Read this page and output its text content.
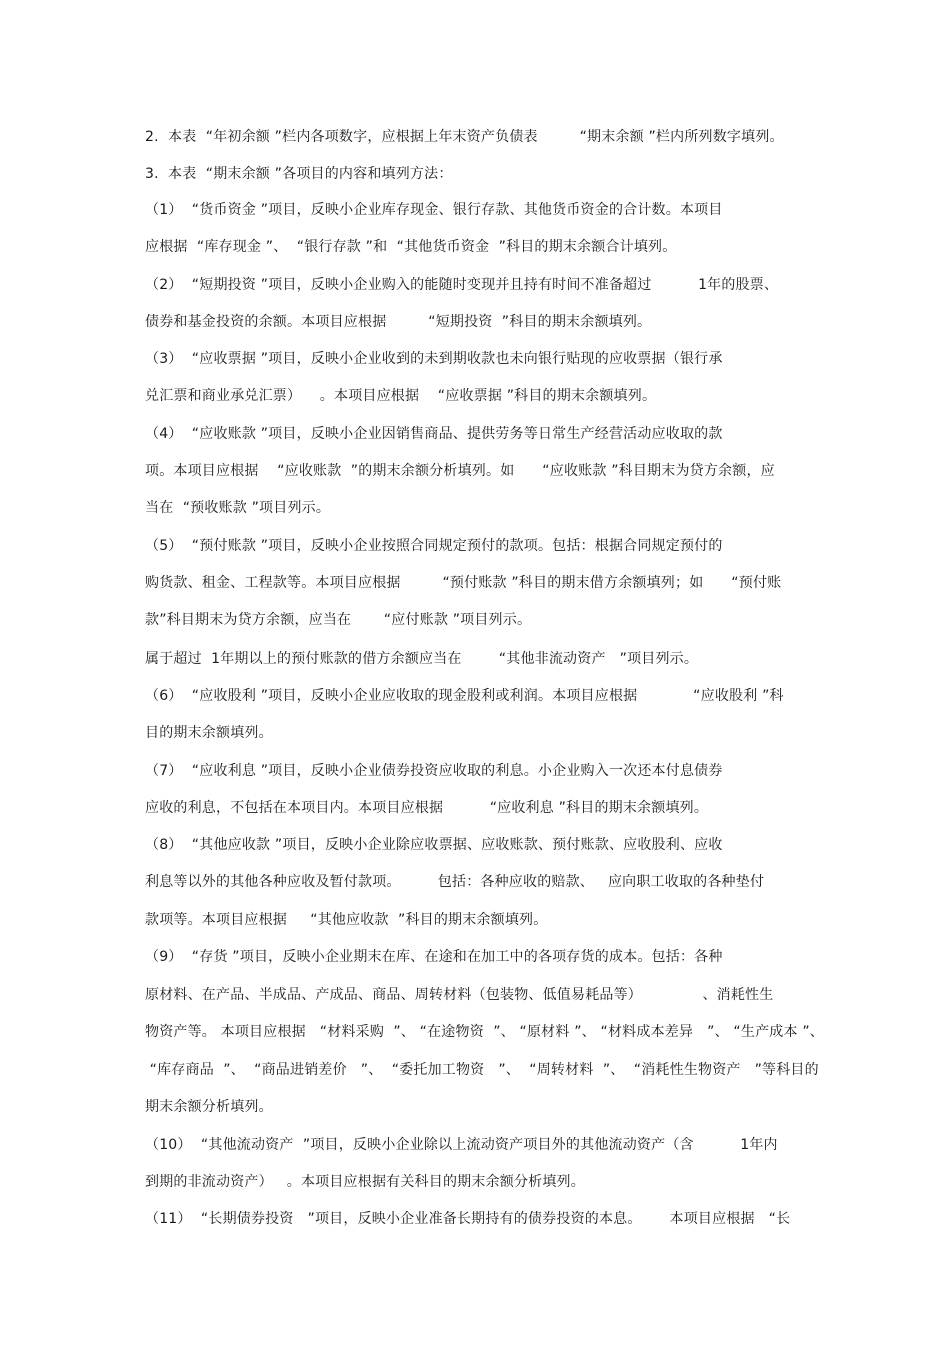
2.  本表  “年初余额 ”栏内各项数字，应根据上年末资产负债表         “期末余额 ”栏内所列数字填列。
3.  本表  “期末余额 ”各项目的内容和填列方法：
（1）  “货币资金 ”项目，反映小企业库存现金、银行存款、其他货币资金的合计数。本项目
应根据  “库存现金 ”、  “银行存款 ”和  “其他货币资金  ”科目的期末余额合计填列。
（2）  “短期投资 ”项目，反映小企业购入的能随时变现并且持有时间不准备超过          1年的股票、
债券和基金投资的余额。本项目应根据         “短期投资  ”科目的期末余额填列。
（3）  “应收票据 ”项目，反映小企业收到的未到期收款也未向银行贴现的应收票据（银行承
兑汇票和商业承兑汇票）    。本项目应根据    “应收票据 ”科目的期末余额填列。
（4）  “应收账款 ”项目，反映小企业因销售商品、提供劳务等日常生产经营活动应收取的款
项。本项目应根据    “应收账款  ”的期末余额分析填列。如      “应收账款 ”科目期末为贷方余额，应
当在  “预收账款 ”项目列示。
（5）  “预付账款 ”项目，反映小企业按照合同规定预付的款项。包括：根据合同规定预付的
购货款、租金、工程款等。本项目应根据         “预付账款 ”科目的期末借方余额填列；如      “预付账
款”科目期末为贷方余额，应当在       “应付账款 ”项目列示。
属于超过  1年期以上的预付账款的借方余额应当在        “其他非流动资产   ”项目列示。
（6）  “应收股利 ”项目，反映小企业应收取的现金股利或利润。本项目应根据            “应收股利 ”科
目的期末余额填列。
（7）  “应收利息 ”项目，反映小企业债券投资应收取的利息。小企业购入一次还本付息债券
应收的利息，不包括在本项目内。本项目应根据          “应收利息 ”科目的期末余额填列。
（8）  “其他应收款 ”项目，反映小企业除应收票据、应收账款、预付账款、应收股利、应收
利息等以外的其他各种应收及暂付款项。        包括：各种应收的赔款、   应向职工收取的各种垫付
款项等。本项目应根据     “其他应收款  ”科目的期末余额填列。
（9）  “存货 ”项目，反映小企业期末在库、在途和在加工中的各项存货的成本。包括：各种
原材料、在产品、半成品、产成品、商品、周转材料（包装物、低值易耗品等）             、消耗性生
物资产等。 本项目应根据   “材料采购  ”、 “在途物资  ”、 “原材料 ”、 “材料成本差异   ”、 “生产成本 ”、
“库存商品  ”、  “商品进销差价   ”、  “委托加工物资   ”、  “周转材料  ”、  “消耗性生物资产   ”等科目的
期末余额分析填列。
（10）  “其他流动资产  ”项目，反映小企业除以上流动资产项目外的其他流动资产（含          1年内
到期的非流动资产）   。本项目应根据有关科目的期末余额分析填列。
（11）  “长期债券投资   ”项目，反映小企业准备长期持有的债券投资的本息。      本项目应根据   “长
